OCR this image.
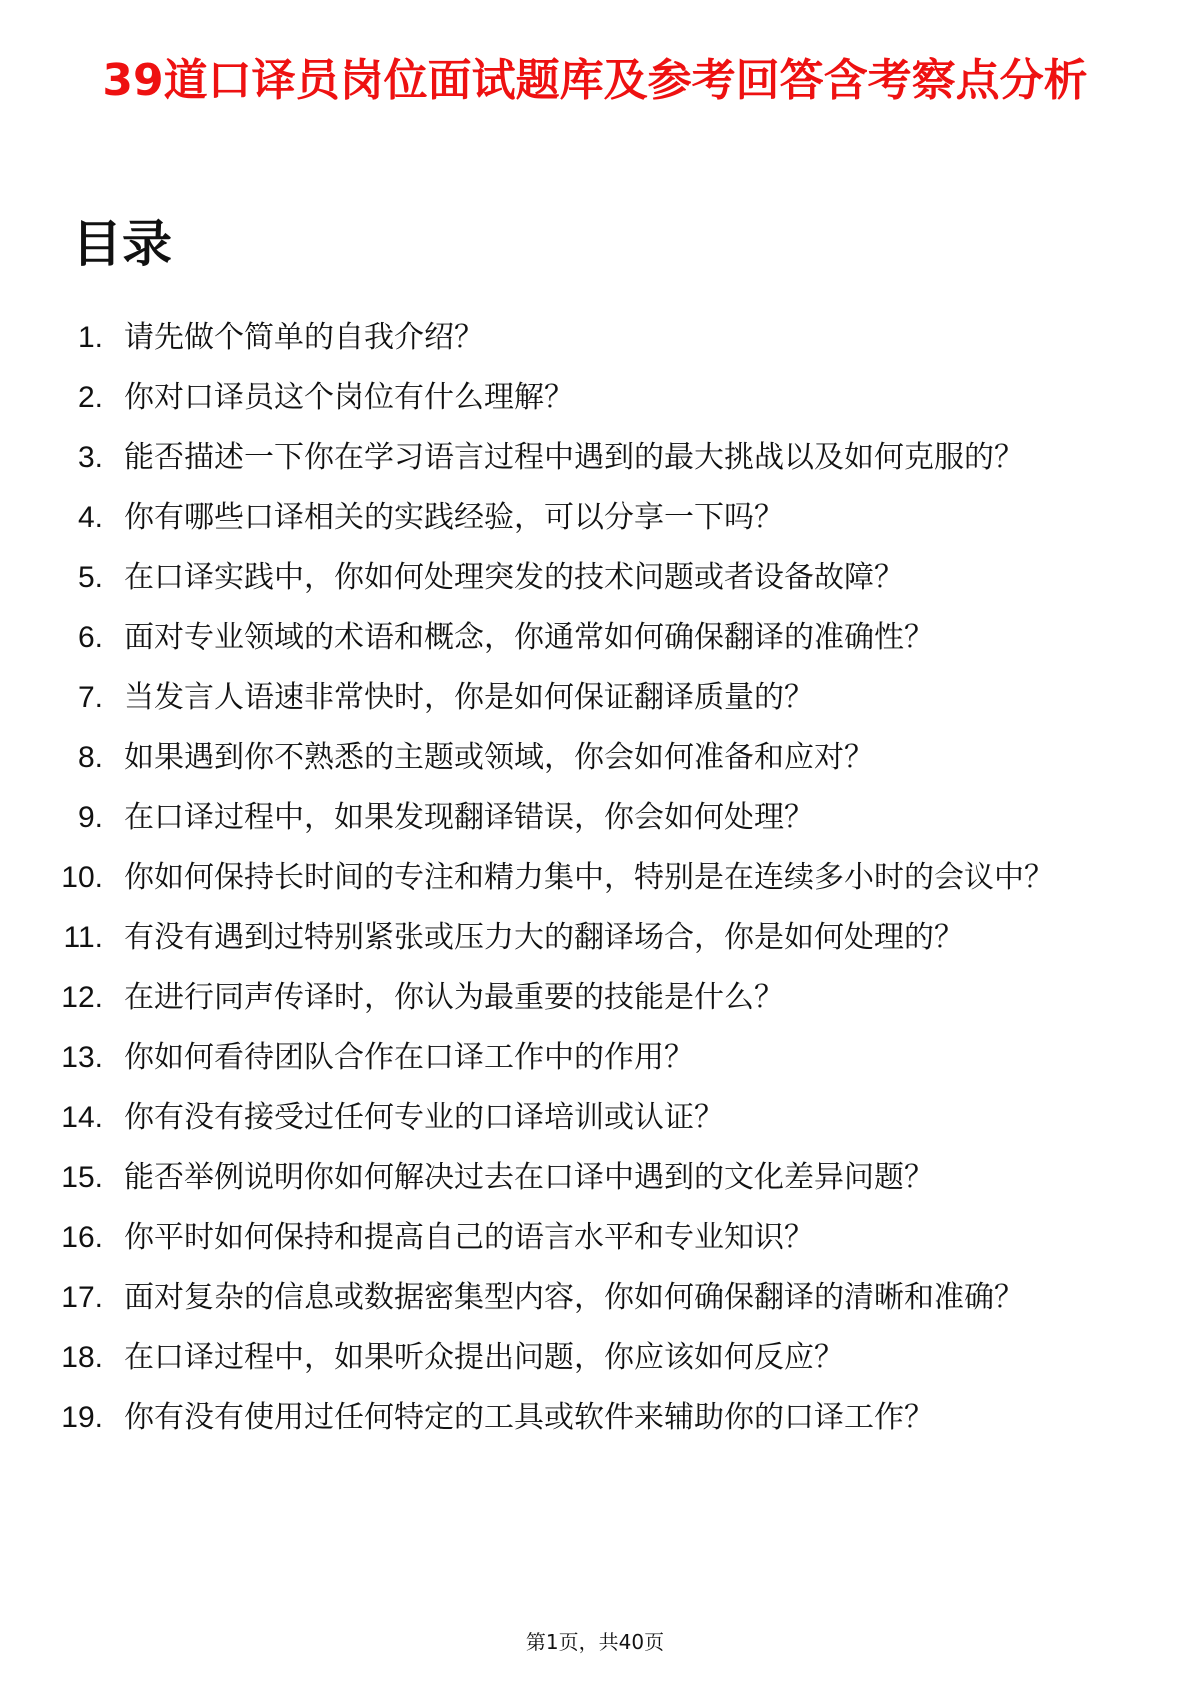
39道口译员岗位面试题库及参考回答含考察点分析
目录
1. 请先做个简单的自我介绍？
2. 你对口译员这个岗位有什么理解？
3. 能否描述一下你在学习语言过程中遇到的最大挑战以及如何克服的？
4. 你有哪些口译相关的实践经验，可以分享一下吗？
5. 在口译实践中，你如何处理突发的技术问题或者设备故障？
6. 面对专业领域的术语和概念，你通常如何确保翻译的准确性？
7. 当发言人语速非常快时，你是如何保证翻译质量的？
8. 如果遇到你不熟悉的主题或领域，你会如何准备和应对？
9. 在口译过程中，如果发现翻译错误，你会如何处理？
10. 你如何保持长时间的专注和精力集中，特别是在连续多小时的会议中？
11. 有没有遇到过特别紧张或压力大的翻译场合，你是如何处理的？
12. 在进行同声传译时，你认为最重要的技能是什么？
13. 你如何看待团队合作在口译工作中的作用？
14. 你有没有接受过任何专业的口译培训或认证？
15. 能否举例说明你如何解决过去在口译中遇到的文化差异问题？
16. 你平时如何保持和提高自己的语言水平和专业知识？
17. 面对复杂的信息或数据密集型内容，你如何确保翻译的清晰和准确？
18. 在口译过程中，如果听众提出问题，你应该如何反应？
19. 你有没有使用过任何特定的工具或软件来辅助你的口译工作？
第1页，共40页
